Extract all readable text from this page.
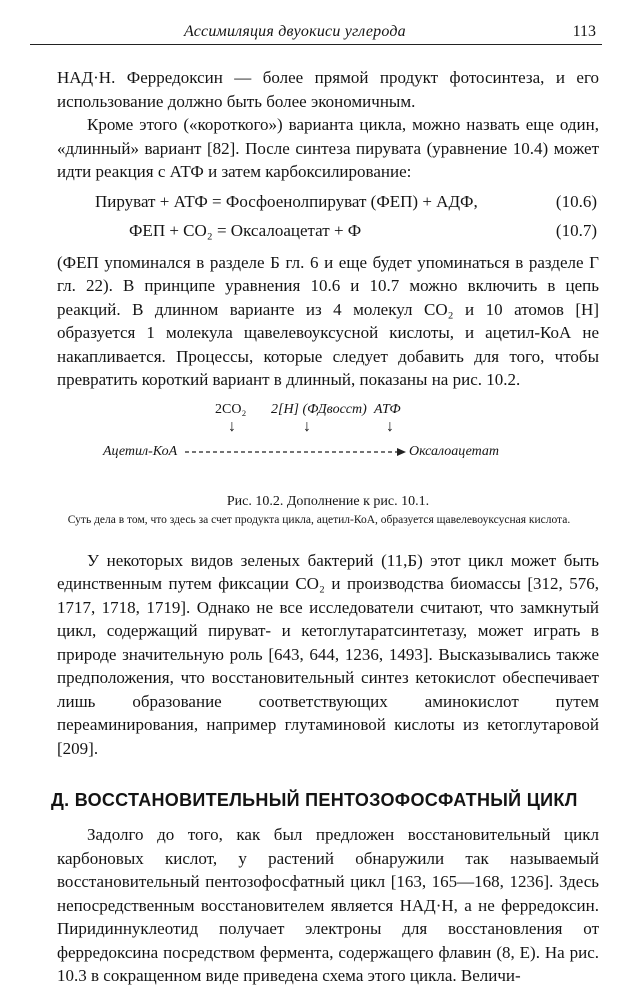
Ассимиляция двуокиси углерода	113

НАД·Н. Ферредоксин — более прямой продукт фотосинтеза, и его использование должно быть более экономичным.

Кроме этого («короткого») варианта цикла, можно назвать еще один, «длинный» вариант [82]. После синтеза пирувата (уравнение 10.4) может идти реакция с АТФ и затем карбоксилирование:

Пируват + АТФ = Фосфоенолпируват (ФЕП) + АДФ,	(10.6)
ФЕП + CO₂ = Оксалоацетат + Ф	(10.7)

(ФЕП упоминался в разделе Б гл. 6 и еще будет упоминаться в разделе Г гл. 22). В принципе уравнения 10.6 и 10.7 можно включить в цепь реакций. В длинном варианте из 4 молекул CO₂ и 10 атомов [Н] образуется 1 молекула щавелевоуксусной кислоты, и ацетил-КоА не накапливается. Процессы, которые следует добавить для того, чтобы превратить короткий вариант в длинный, показаны на рис. 10.2.

2CO₂ 2[H] (ФДвосст) АТФ
↓	↓	↓
Ацетил-КоА	Оксалоацетат
Рис. 10.2. Дополнение к рис. 10.1.
Суть дела в том, что здесь за счет продукта цикла, ацетил-КоА, образуется щавелевоуксусная кислота.

У некоторых видов зеленых бактерий (11,Б) этот цикл может быть единственным путем фиксации CO₂ и производства биомассы [312, 576, 1717, 1718, 1719]. Однако не все исследователи считают, что замкнутый цикл, содержащий пируват- и кетоглутаратсинтетазу, может играть в природе значительную роль [643, 644, 1236, 1493]. Высказывались также предположения, что восстановительный синтез кетокислот обеспечивает лишь образование соответствующих аминокислот путем переаминирования, например глутаминовой кислоты из кетоглутаровой [209].

Д. ВОССТАНОВИТЕЛЬНЫЙ ПЕНТОЗОФОСФАТНЫЙ ЦИКЛ

Задолго до того, как был предложен восстановительный цикл карбоновых кислот, у растений обнаружили так называемый восстановительный пентозофосфатный цикл [163, 165—168, 1236]. Здесь непосредственным восстановителем является НАД·Н, а не ферредоксин. Пиридиннуклеотид получает электроны для восстановления от ферредоксина посредством фермента, содержащего флавин (8, Е). На рис. 10.3 в сокращенном виде приведена схема этого цикла. Величи-
